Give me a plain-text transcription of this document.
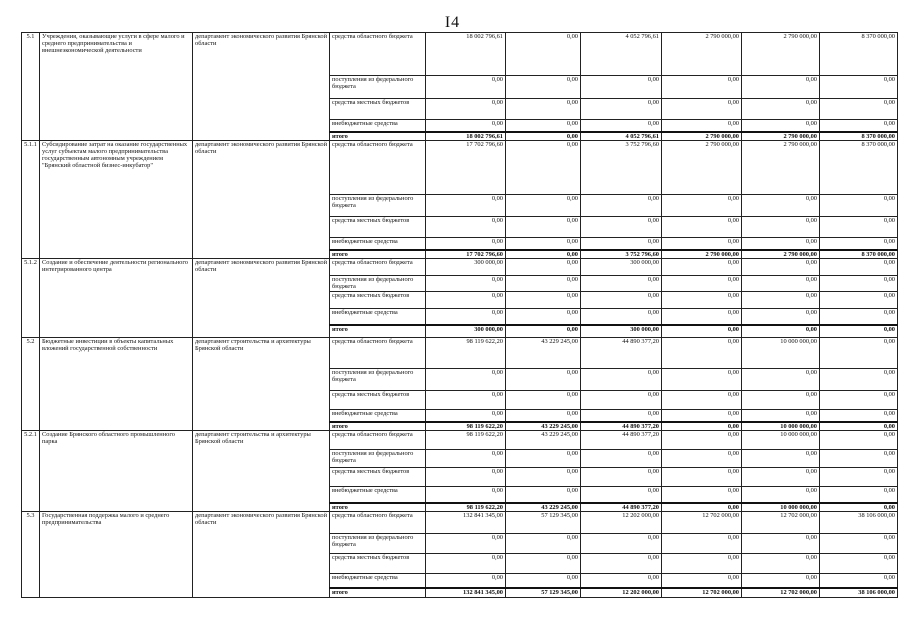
I4
5.1	Учреждения, оказывающие услуги в сфере малого и среднего предпринимательства и внешнеэкономической деятельности	департамент экономического развития Брянской области	средства областного бюджета	18 002 796,61	0,00	4 052 796,61	2 790 000,00	2 790 000,00	8 370 000,00
			поступления из федерального бюджета	0,00	0,00	0,00	0,00	0,00	0,00
			средства местных бюджетов	0,00	0,00	0,00	0,00	0,00	0,00
			внебюджетные средства	0,00	0,00	0,00	0,00	0,00	0,00
			итого	18 002 796,61	0,00	4 052 796,61	2 790 000,00	2 790 000,00	8 370 000,00
5.1.1	Субсидирование затрат на оказание государственных услуг субъектам малого предпринимательства государственным автономным учреждением "Брянский областной бизнес-инкубатор"	департамент экономического развития Брянской области	средства областного бюджета	17 702 796,60	0,00	3 752 796,60	2 790 000,00	2 790 000,00	8 370 000,00
			поступления из федерального бюджета	0,00	0,00	0,00	0,00	0,00	0,00
			средства местных бюджетов	0,00	0,00	0,00	0,00	0,00	0,00
			внебюджетные средства	0,00	0,00	0,00	0,00	0,00	0,00
			итого	17 702 796,60	0,00	3 752 796,60	2 790 000,00	2 790 000,00	8 370 000,00
5.1.2	Создание и обеспечение деятельности регионального интегрированного центра	департамент экономического развития Брянской области	средства областного бюджета	300 000,00	0,00	300 000,00	0,00	0,00	0,00
			поступления из федерального бюджета	0,00	0,00	0,00	0,00	0,00	0,00
			средства местных бюджетов	0,00	0,00	0,00	0,00	0,00	0,00
			внебюджетные средства	0,00	0,00	0,00	0,00	0,00	0,00
			итого	300 000,00	0,00	300 000,00	0,00	0,00	0,00
5.2	Бюджетные инвестиции в объекты капитальных вложений государственной собственности	департамент строительства и архитектуры Брянской области	средства областного бюджета	98 119 622,20	43 229 245,00	44 890 377,20	0,00	10 000 000,00	0,00
			поступления из федерального бюджета	0,00	0,00	0,00	0,00	0,00	0,00
			средства местных бюджетов	0,00	0,00	0,00	0,00	0,00	0,00
			внебюджетные средства	0,00	0,00	0,00	0,00	0,00	0,00
			итого	98 119 622,20	43 229 245,00	44 890 377,20	0,00	10 000 000,00	0,00
5.2.1	Создание Брянского областного промышленного парка	департамент строительства и архитектуры Брянской области	средства областного бюджета	98 119 622,20	43 229 245,00	44 890 377,20	0,00	10 000 000,00	0,00
			поступления из федерального бюджета	0,00	0,00	0,00	0,00	0,00	0,00
			средства местных бюджетов	0,00	0,00	0,00	0,00	0,00	0,00
			внебюджетные средства	0,00	0,00	0,00	0,00	0,00	0,00
			итого	98 119 622,20	43 229 245,00	44 890 377,20	0,00	10 000 000,00	0,00
5.3	Государственная поддержка малого и среднего предпринимательства	департамент экономического развития Брянской области	средства областного бюджета	132 841 345,00	57 129 345,00	12 202 000,00	12 702 000,00	12 702 000,00	38 106 000,00
			поступления из федерального бюджета	0,00	0,00	0,00	0,00	0,00	0,00
			средства местных бюджетов	0,00	0,00	0,00	0,00	0,00	0,00
			внебюджетные средства	0,00	0,00	0,00	0,00	0,00	0,00
			итого	132 841 345,00	57 129 345,00	12 202 000,00	12 702 000,00	12 702 000,00	38 106 000,00
